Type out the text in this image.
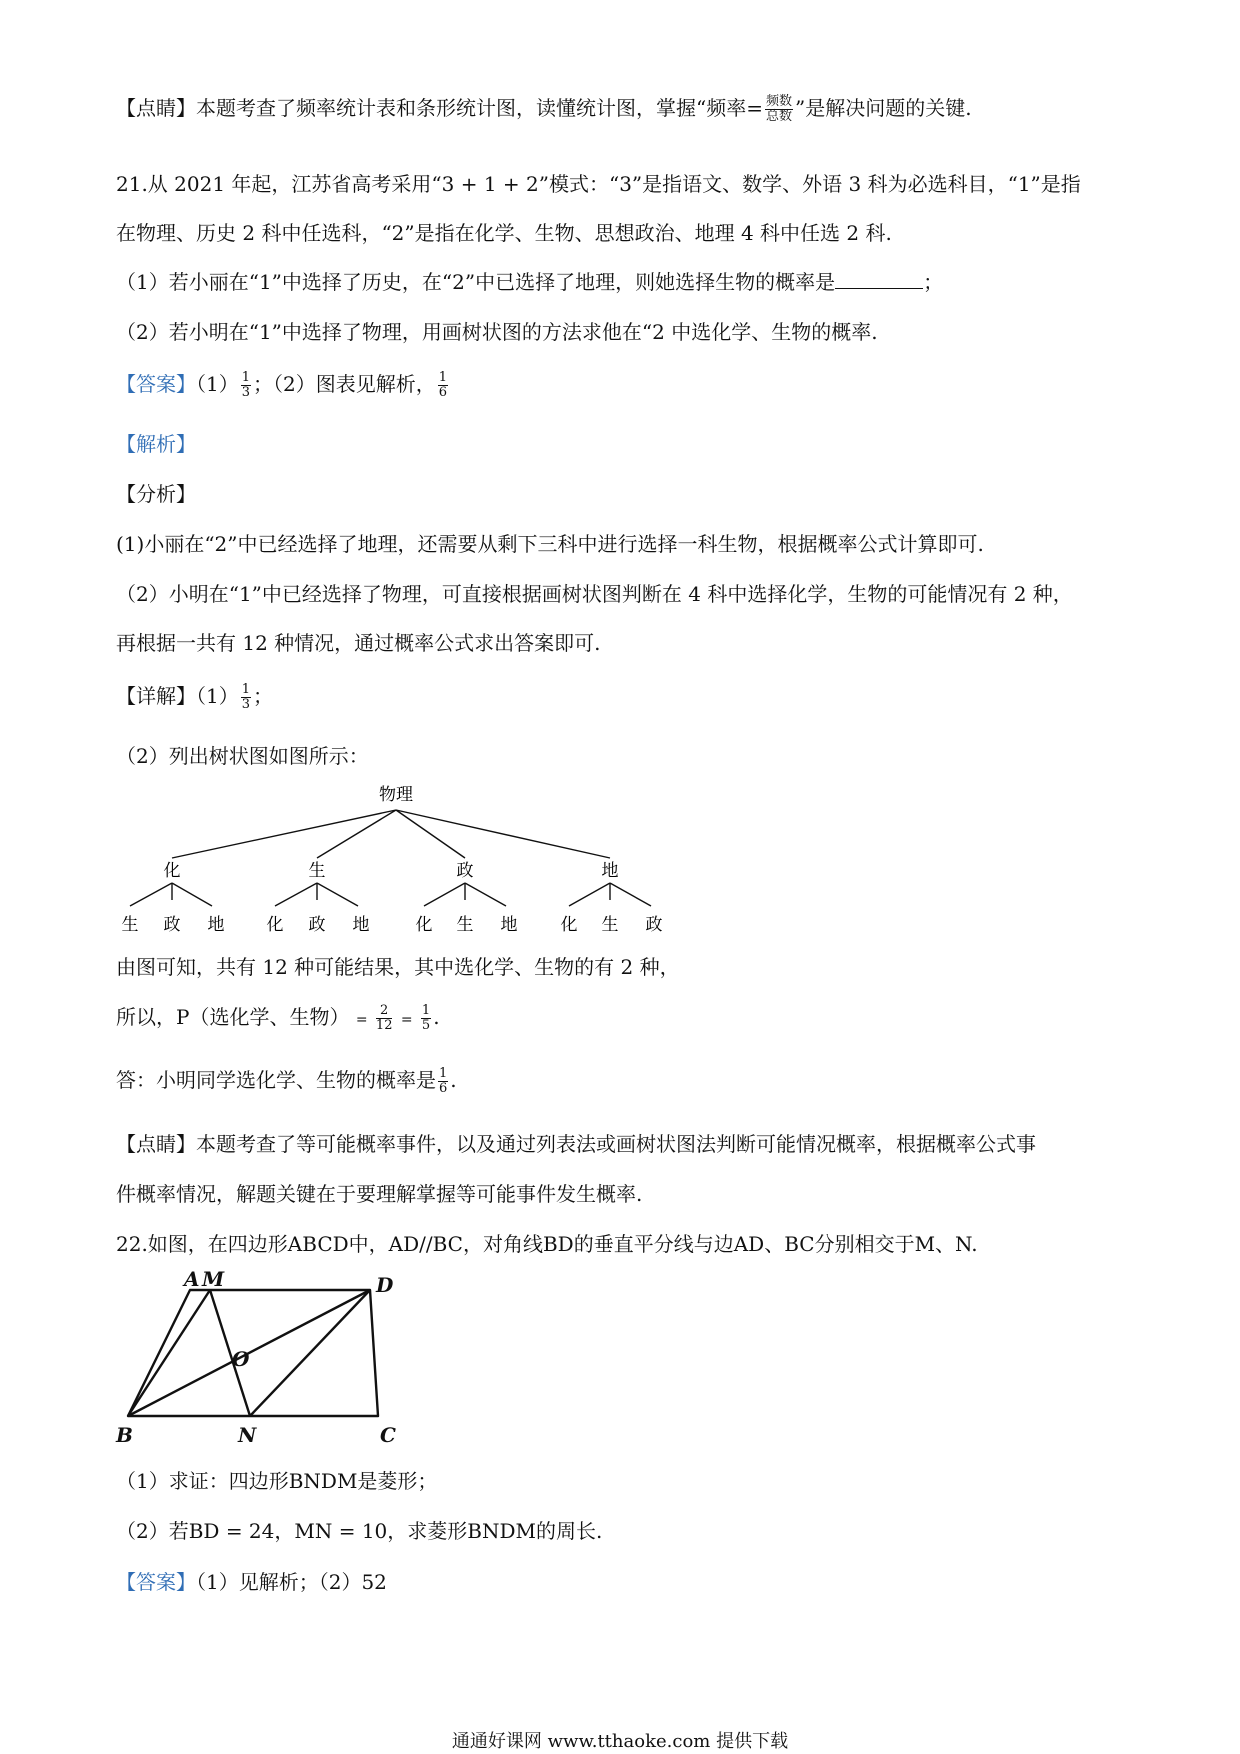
【点睛】本题考查了频率统计表和条形统计图，读懂统计图，掌握“频率= $\frac{\text{频数}}{\text{总数}}$ ”是解决问题的关键.
21.从 2021 年起，江苏省高考采用“3 + 1 + 2”模式：“3”是指语文、数学、外语 3 科为必选科目，“1”是指
在物理、历史 2 科中任选科，“2”是指在化学、生物、思想政治、地理 4 科中任选 2 科.
（1）若小丽在“1”中选择了历史，在“2”中已选择了地理，则她选择生物的概率是	；
（2）若小明在“1”中选择了物理，用画树状图的方法求他在“2 中选化学、生物的概率.
【答案】$(1) \frac{1}{3}$ ；（2）图表见解析， $\frac{1}{6}$
【解析】
【分析】
(1)小丽在“2”中已经选择了地理，还需要从剩下三科中进行选择一科生物，根据概率公式计算即可.
（2）小明在“1”中已经选择了物理，可直接根据画树状图判断在 4 科中选择化学，生物的可能情况有 2 种，
再根据一共有 12 种情况，通过概率公式求出答案即可.
【详解】$(1) \frac{1}{3}$ ；
（2）列出树状图如图所示：
物理
化
生 政 地
生
化 政 地
政
化 生 地
地
化 生 政
由图可知，共有 12 种可能结果，其中选化学、生物的有 2 种，
所以，P（选化学、生物） = $\frac{2}{12} = \frac{1}{5}$ .
答：小明同学选化学、生物的概率是 $\frac{1}{6}$ .
【点睛】本题考查了等可能概率事件，以及通过列表法或画树状图法判断可能情况概率，根据概率公式事
件概率情况，解题关键在于要理解掌握等可能事件发生概率.
22.如图，在四边形ABCD中，AD//BC，对角线BD的垂直平分线与边AD、BC分别相交于M、N.
A M	D
O
B	N	C
（1）求证：四边形BNDM是菱形；
（2）若BD = 24，MN = 10，求菱形BNDM的周长.
【答案】（1）见解析；（2）52
通通好课网 www.tthaoke.com 提供下载
